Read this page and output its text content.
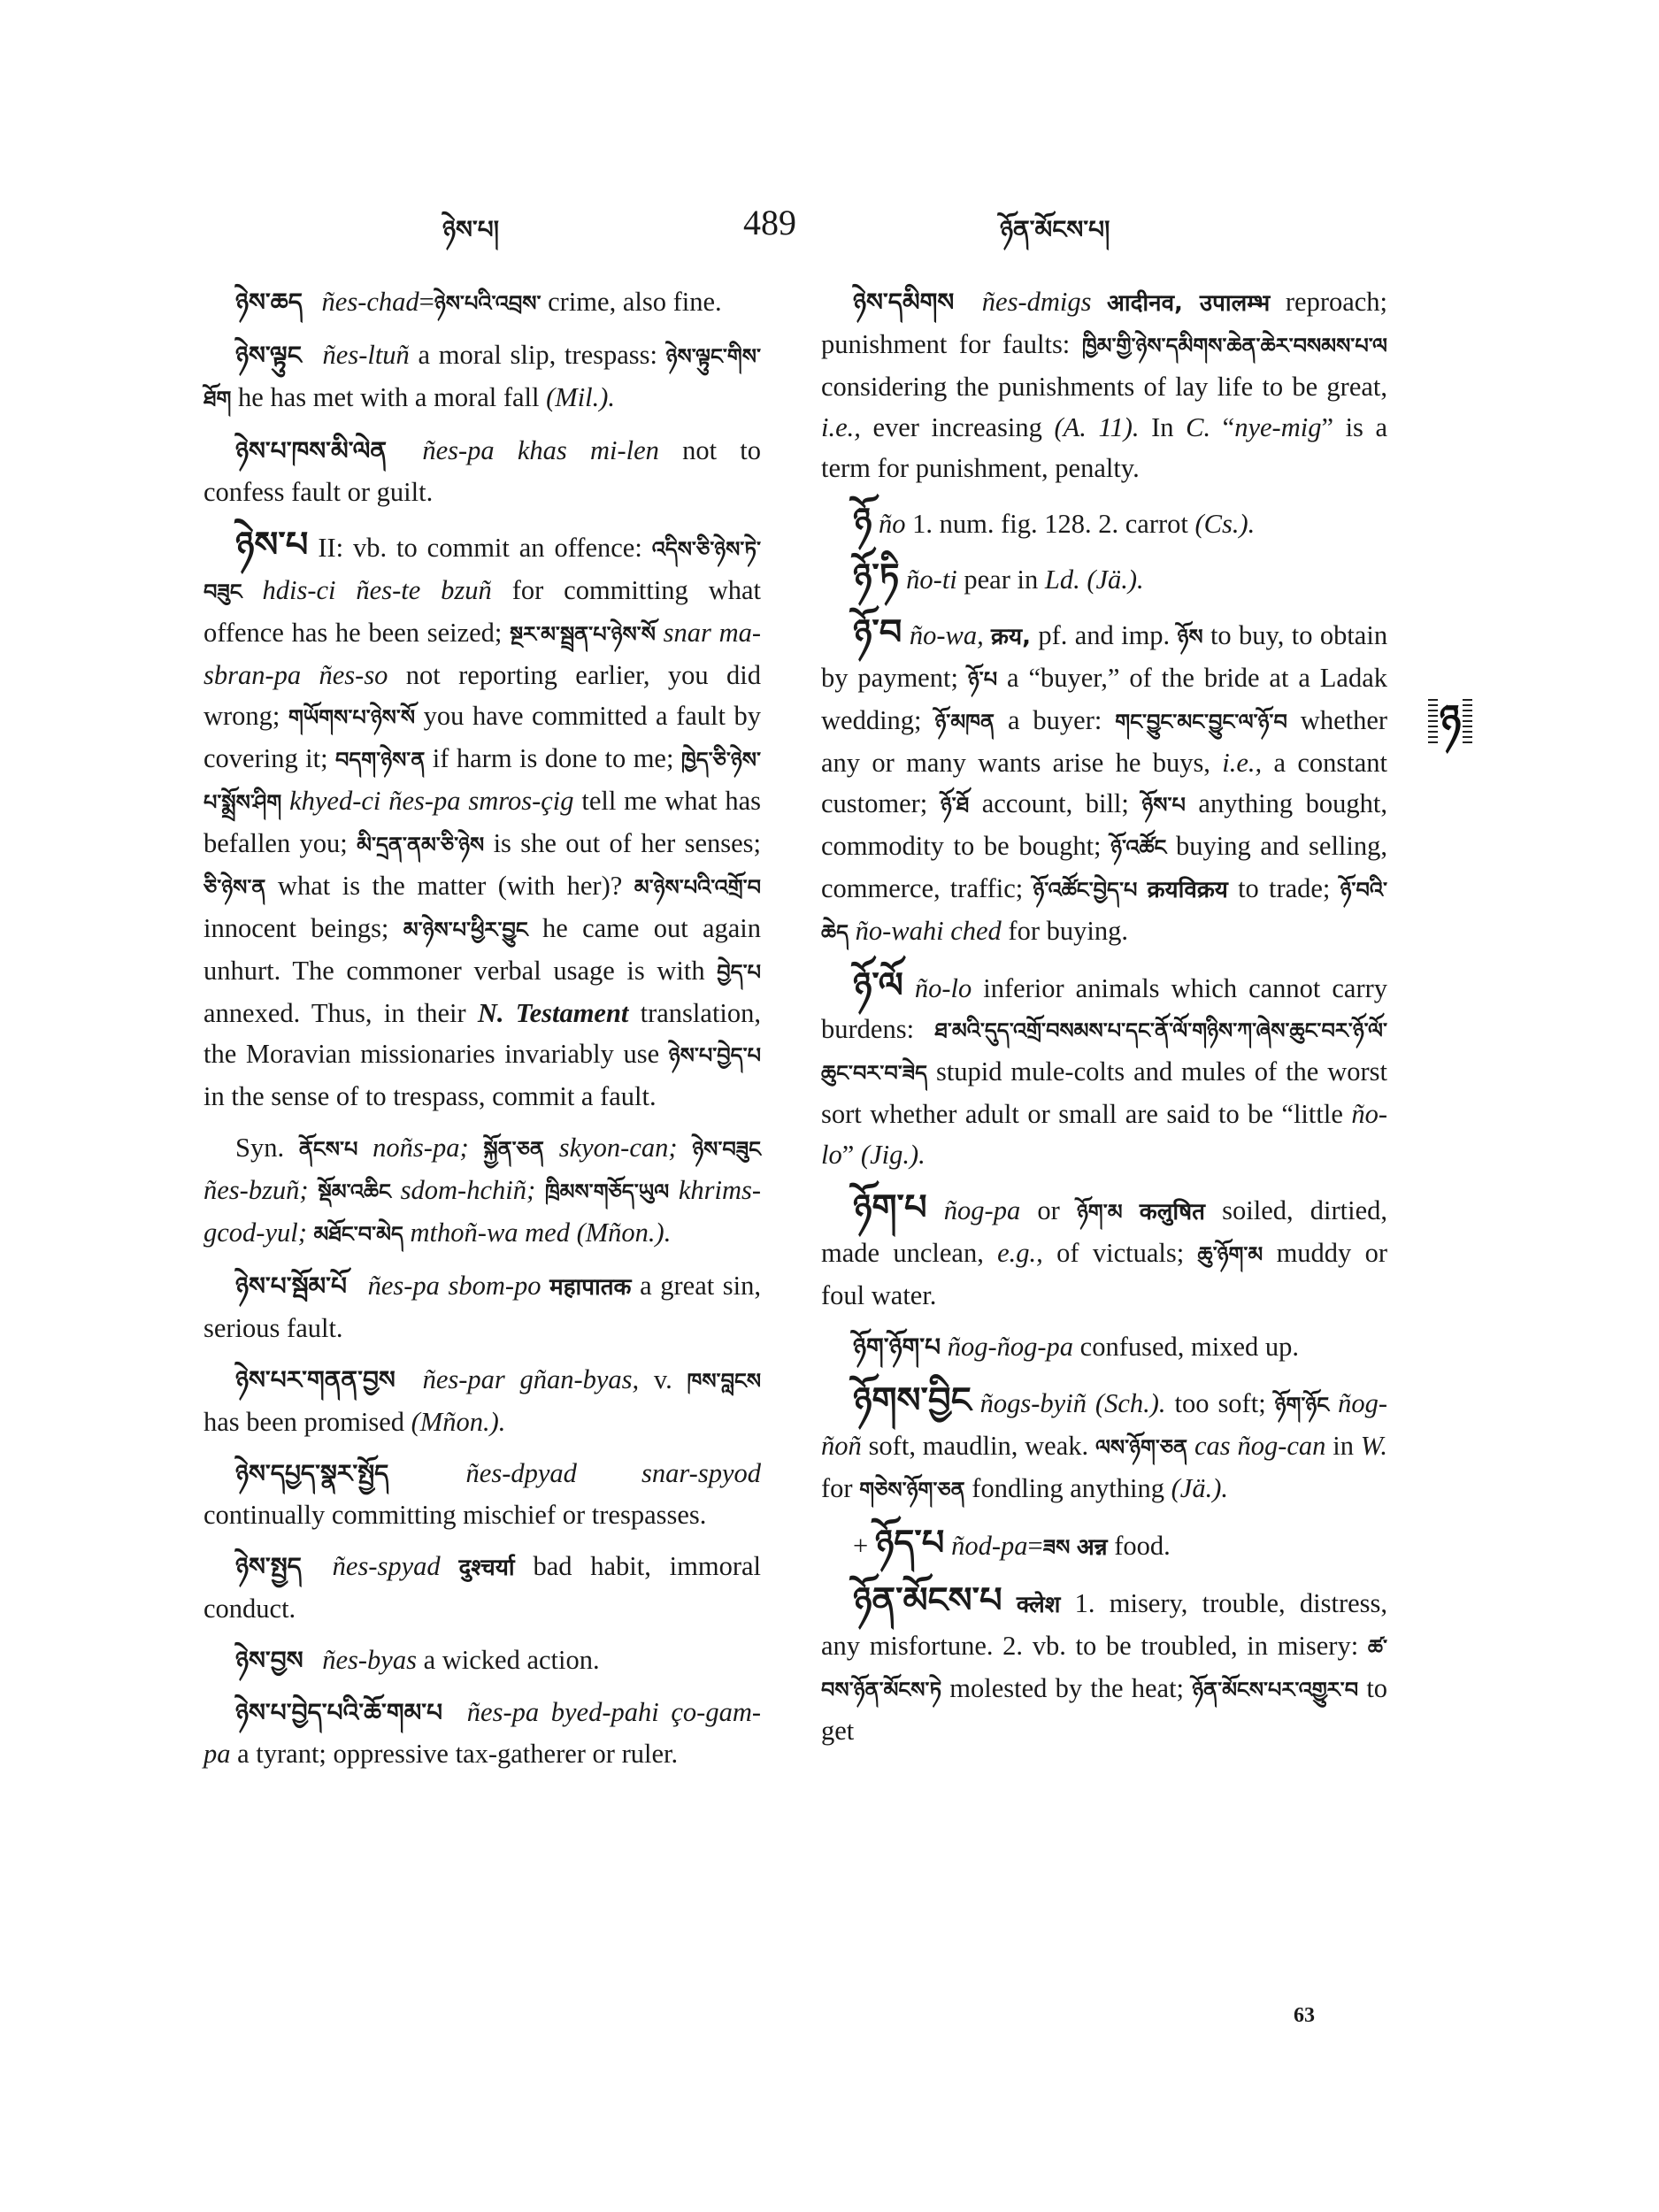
ཉེས་པ།	489	ཉོན་མོངས་པ།
ཉ

ཉེས་ཆད ñes-chad=ཉེས་པའི་འབྲས་ crime, also fine.

ཉེས་ལྟུང ñes-ltuñ a moral slip, trespass: ཉེས་ལྟུང་གིས་ཐོག he has met with a moral fall (Mil.).

ཉེས་པ་ཁས་མི་ལེན ñes-pa khas mi-len not to confess fault or guilt.

ཉེས་པ II: vb. to commit an offence: འདིས་ཅི་ཉེས་ཏེ་བཟུང hdis-ci ñes-te bzuñ for committing what offence has he been seized; སྔར་མ་སྦྲན་པ་ཉེས་སོ snar ma-sbran-pa ñes-so not reporting earlier, you did wrong; གཡོགས་པ་ཉེས་སོ you have committed a fault by covering it; བདག་ཉེས་ན if harm is done to me; ཁྱེད་ཅི་ཉེས་པ་སྨྲོས་ཤིག khyed-ci ñes-pa smros-çig tell me what has befallen you; མི་དྲན་ནམ་ཅི་ཉེས is she out of her senses; ཅི་ཉེས་ན what is the matter (with her)? མ་ཉེས་པའི་འགྲོ་བ innocent beings; མ་ཉེས་པ་ཕྱིར་བྱུང he came out again unhurt. The commoner verbal usage is with བྱེད་པ annexed. Thus, in their N. Testament translation, the Moravian missionaries invariably use ཉེས་པ་བྱེད་པ in the sense of to trespass, commit a fault.

Syn. ནོངས་པ noñs-pa; སྐྱོན་ཅན skyon-can; ཉེས་བཟུང ñes-bzuñ; སྡོམ་འཆིང sdom-hchiñ; ཁྲིམས་གཅོད་ཡུལ khrims-gcod-yul; མཐོང་བ་མེད mthoñ-wa med (Mñon.).

ཉེས་པ་སྦོམ་པོ ñes-pa sbom-po महापातक a great sin, serious fault.

ཉེས་པར་གནན་བྱས ñes-par gñan-byas, v. ཁས་བླངས has been promised (Mñon.).

ཉེས་དཔྱད་སྣར་སྤྱོད	ñes-dpyad snar-spyod continually committing mischief or trespasses.

ཉེས་སྤྱད ñes-spyad दुश्चर्या bad habit, immoral conduct.

ཉེས་བྱས ñes-byas a wicked action.

ཉེས་པ་བྱེད་པའི་ཆོ་གམ་པ ñes-pa byed-pahi ço-gam-pa a tyrant; oppressive tax-gatherer or ruler.

ཉེས་དམིགས ñes-dmigs आदीनव, उपालम्भ reproach; punishment for faults: ཁྱིམ་གྱི་ཉེས་དམིགས་ཆེན་ཆེར་བསམས་པ་ལ considering the punishments of lay life to be great, i.e., ever increasing (A. 11). In C. “nye-mig” is a term for punishment, penalty.

ཉོ ño 1. num. fig. 128. 2. carrot (Cs.).

ཉོ་ཏི ño-ti pear in Ld. (Jä.).

ཉོ་བ ño-wa, क्रय, pf. and imp. ཉོས to buy, to obtain by payment; ཉོ་པ a “buyer,” of the bride at a Ladak wedding; ཉོ་མཁན a buyer: གང་བྱུང་མང་བྱུང་ལ་ཉོ་བ whether any or many wants arise he buys, i.e., a constant customer; ཉོ་ཐོ account, bill; ཉོས་པ anything bought, commodity to be bought; ཉོ་འཚོང buying and selling, commerce, traffic; ཉོ་འཚོང་བྱེད་པ क्रयविक्रय to trade; ཉོ་བའི་ཆེད ño-wahi ched for buying.

ཉོ་ལོ ño-lo inferior animals which cannot carry burdens: ཐ་མའི་དུད་འགྲོ་བསམས་པ་དང་ནོ་ལོ་གཉིས་ཀ་ཞེས་ཆུང་བར་ཉོ་ལོ་ཆུང་བར་བ་ཟེད stupid mule-colts and mules of the worst sort whether adult or small are said to be “little ño-lo” (Jig.).

ཉོག་པ ñog-pa or ཉོག་མ कलुषित soiled, dirtied, made unclean, e.g., of victuals; ཆུ་ཉོག་མ muddy or foul water.

ཉོག་ཉོག་པ ñog-ñog-pa confused, mixed up.

ཉོགས་བྱིང ñogs-byiñ (Sch.). too soft; ཉོག་ཉོང ñog-ñoñ soft, maudlin, weak. ལས་ཉོག་ཅན cas ñog-can in W. for གཅེས་ཉོག་ཅན fondling anything (Jä.).

+ ཉོད་པ ñod-pa=ཟས अन्न food.

ཉོན་མོངས་པ क्लेश 1. misery, trouble, distress, any misfortune. 2. vb. to be troubled, in misery: ཚ་བས་ཉོན་མོངས་ཏེ molested by the heat; ཉོན་མོངས་པར་འགྱུར་བ to get

63
